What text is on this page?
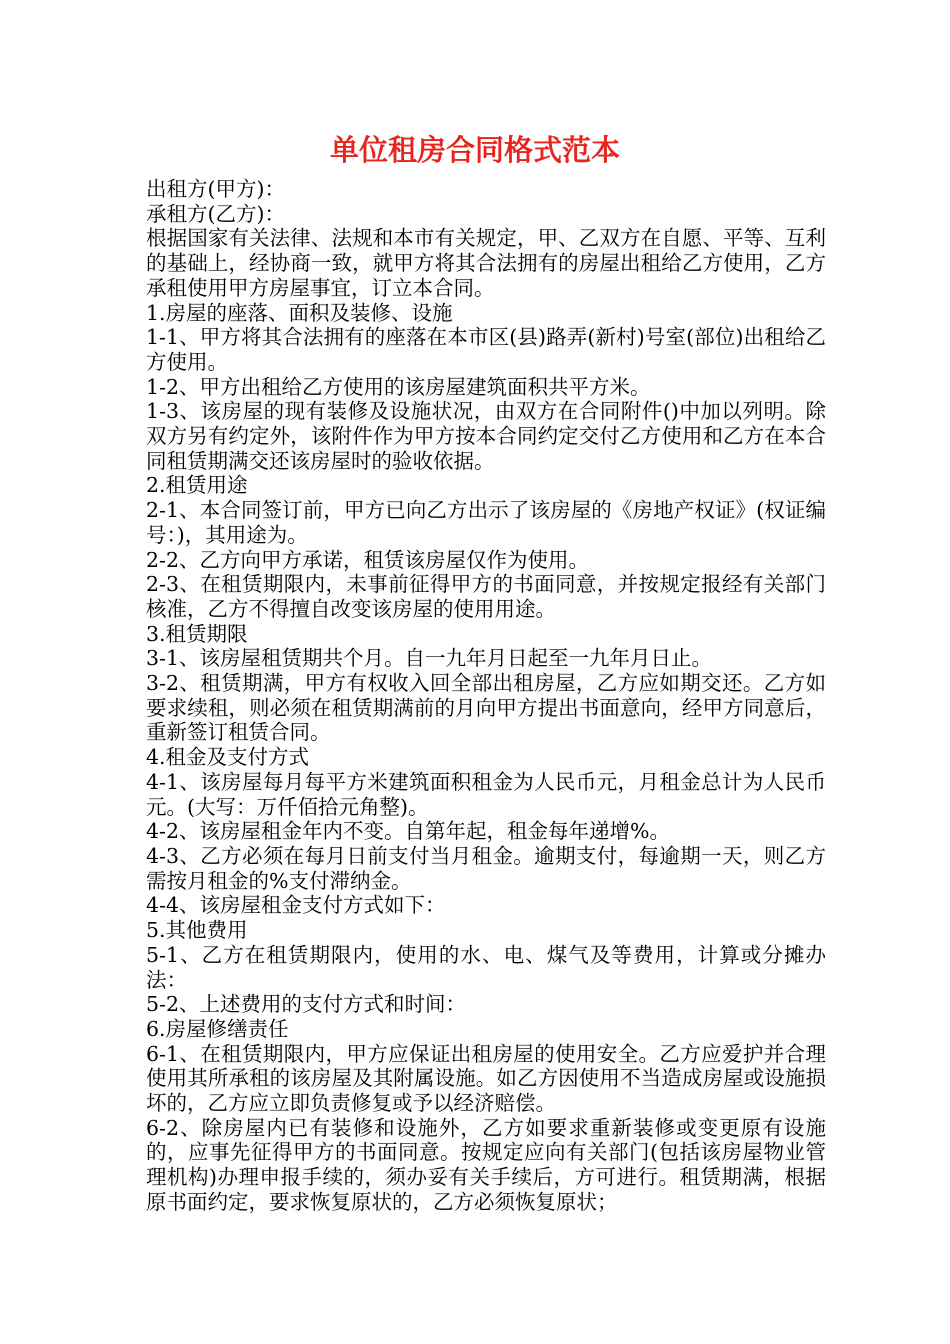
单位租房合同格式范本

出租方(甲方)：

承租方(乙方)：

根据国家有关法律、法规和本市有关规定，甲、乙双方在自愿、平等、互利的基础上，经协商一致，就甲方将其合法拥有的房屋出租给乙方使用，乙方承租使用甲方房屋事宜，订立本合同。

1.房屋的座落、面积及装修、设施

1-1、甲方将其合法拥有的座落在本市区(县)路弄(新村)号室(部位)出租给乙方使用。

1-2、甲方出租给乙方使用的该房屋建筑面积共平方米。

1-3、该房屋的现有装修及设施状况，由双方在合同附件()中加以列明。除双方另有约定外，该附件作为甲方按本合同约定交付乙方使用和乙方在本合同租赁期满交还该房屋时的验收依据。

2.租赁用途

2-1、本合同签订前，甲方已向乙方出示了该房屋的《房地产权证》(权证编号：)，其用途为。

2-2、乙方向甲方承诺，租赁该房屋仅作为使用。

2-3、在租赁期限内，未事前征得甲方的书面同意，并按规定报经有关部门核准，乙方不得擅自改变该房屋的使用用途。

3.租赁期限

3-1、该房屋租赁期共个月。自一九年月日起至一九年月日止。

3-2、租赁期满，甲方有权收入回全部出租房屋，乙方应如期交还。乙方如要求续租，则必须在租赁期满前的月向甲方提出书面意向，经甲方同意后，重新签订租赁合同。

4.租金及支付方式

4-1、该房屋每月每平方米建筑面积租金为人民币元，月租金总计为人民币元。(大写：万仟佰拾元角整)。

4-2、该房屋租金年内不变。自第年起，租金每年递增%。

4-3、乙方必须在每月日前支付当月租金。逾期支付，每逾期一天，则乙方需按月租金的%支付滞纳金。

4-4、该房屋租金支付方式如下：

5.其他费用

5-1、乙方在租赁期限内，使用的水、电、煤气及等费用，计算或分摊办法：

5-2、上述费用的支付方式和时间：

6.房屋修缮责任

6-1、在租赁期限内，甲方应保证出租房屋的使用安全。乙方应爱护并合理使用其所承租的该房屋及其附属设施。如乙方因使用不当造成房屋或设施损坏的，乙方应立即负责修复或予以经济赔偿。

6-2、除房屋内已有装修和设施外，乙方如要求重新装修或变更原有设施的，应事先征得甲方的书面同意。按规定应向有关部门(包括该房屋物业管理机构)办理申报手续的，须办妥有关手续后，方可进行。租赁期满，根据原书面约定，要求恢复原状的，乙方必须恢复原状；
